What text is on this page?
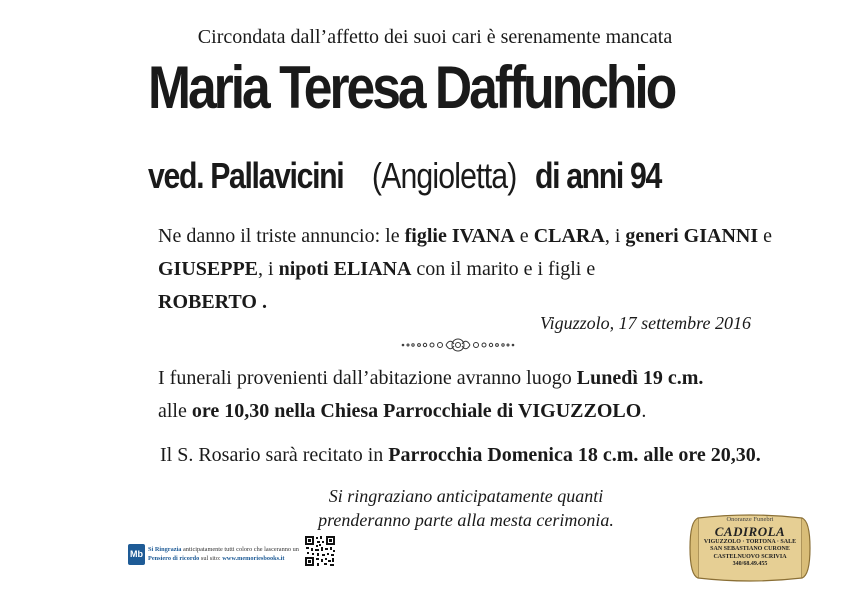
Circondata dall’affetto dei suoi cari è serenamente mancata
Maria Teresa Daffunchio
ved. Pallavicini (Angioletta) di anni 94
Ne danno il triste annuncio: le figlie IVANA e CLARA, i generi GIANNI e GIUSEPPE, i nipoti ELIANA con il marito e i figli e
ROBERTO .
Viguzzolo, 17 settembre 2016
I funerali provenienti dall’abitazione avranno luogo Lunedì 19 c.m.
alle ore 10,30 nella Chiesa Parrocchiale di VIGUZZOLO.
Il S. Rosario sarà recitato in Parrocchia Domenica 18 c.m. alle ore 20,30.
Si ringraziano anticipatamente quanti
prenderanno parte alla mesta cerimonia.
Mb Si Ringrazia anticipatamente tutti coloro che lasceranno un Pensiero di ricordo sul sito: www.memoriesbooks.it
Onoranze Funebri
CADIROLA
VIGUZZOLO · TORTONA · SALE
SAN SEBASTIANO CURONE
CASTELNUOVO SCRIVIA
340/68.49.455
